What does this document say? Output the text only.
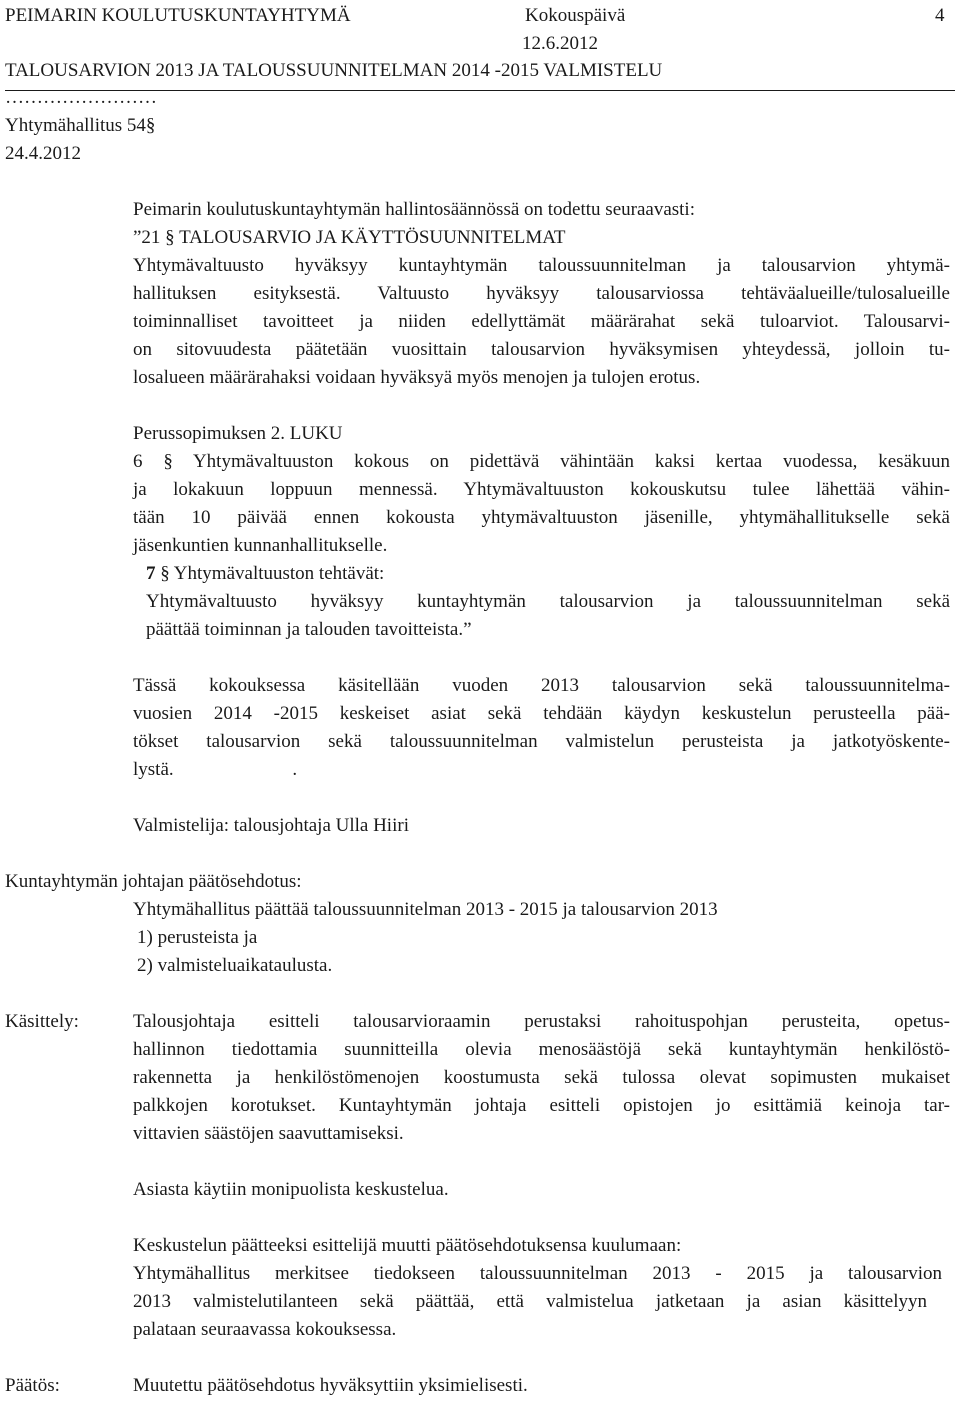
PEIMARIN KOULUTUSKUNTAYHTYMÄ	Kokouspäivä	4
12.6.2012
TALOUSARVION 2013 JA TALOUSSUUNNITELMAN 2014 -2015 VALMISTELU
……………………
Yhtymähallitus 54§
24.4.2012
Peimarin koulutuskuntayhtymän hallintosäännössä on todettu seuraavasti:
”21 § TALOUSARVIO JA KÄYTTÖSUUNNITELMAT
Yhtymävaltuusto hyväksyy kuntayhtymän taloussuunnitelman ja talousarvion yhtymä-
hallituksen esityksestä. Valtuusto hyväksyy talousarviossa tehtäväalueille/tulosalueille
toiminnalliset tavoitteet ja niiden edellyttämät määrärahat sekä tuloarviot. Talousarvi-
on sitovuudesta päätetään vuosittain talousarvion hyväksymisen yhteydessä, jolloin tu-
losalueen määrärahaksi voidaan hyväksyä myös menojen ja tulojen erotus.
Perussopimuksen 2. LUKU
6 § Yhtymävaltuuston kokous on pidettävä vähintään kaksi kertaa vuodessa, kesäkuun
ja lokakuun loppuun mennessä. Yhtymävaltuuston kokouskutsu tulee lähettää vähin-
tään 10 päivää ennen kokousta yhtymävaltuuston jäsenille, yhtymähallitukselle sekä
jäsenkuntien kunnanhallitukselle.
7 § Yhtymävaltuuston tehtävät:
Yhtymävaltuusto hyväksyy kuntayhtymän talousarvion ja taloussuunnitelman sekä
päättää toiminnan ja talouden tavoitteista.”
Tässä kokouksessa käsitellään vuoden 2013 talousarvion sekä taloussuunnitelma-
vuosien 2014 -2015 keskeiset asiat sekä tehdään käydyn keskustelun perusteella pää-
tökset talousarvion sekä taloussuunnitelman valmistelun perusteista ja jatkotyöskente-
lystä.                         .
Valmistelija: talousjohtaja Ulla Hiiri
Kuntayhtymän johtajan päätösehdotus:
Yhtymähallitus päättää taloussuunnitelman 2013 - 2015 ja talousarvion 2013
1) perusteista ja
2) valmisteluaikataulusta.
Käsittely:	Talousjohtaja esitteli talousarvioraamin perustaksi rahoituspohjan perusteita, opetus-
hallinnon tiedottamia suunnitteilla olevia menosäästöjä sekä kuntayhtymän henkilöstö-
rakennetta ja henkilöstömenojen koostumusta sekä tulossa olevat sopimusten mukaiset
palkkojen korotukset. Kuntayhtymän johtaja esitteli opistojen jo esittämiä keinoja tar-
vittavien säästöjen saavuttamiseksi.
Asiasta käytiin monipuolista keskustelua.
Keskustelun päätteeksi esittelijä muutti päätösehdotuksensa kuulumaan:
Yhtymähallitus merkitsee tiedokseen taloussuunnitelman 2013 - 2015 ja talousarvion
2013 valmistelutilanteen sekä päättää, että valmistelua jatketaan ja asian käsittelyyn
palataan seuraavassa kokouksessa.
Päätös:	Muutettu päätösehdotus hyväksyttiin yksimielisesti.
